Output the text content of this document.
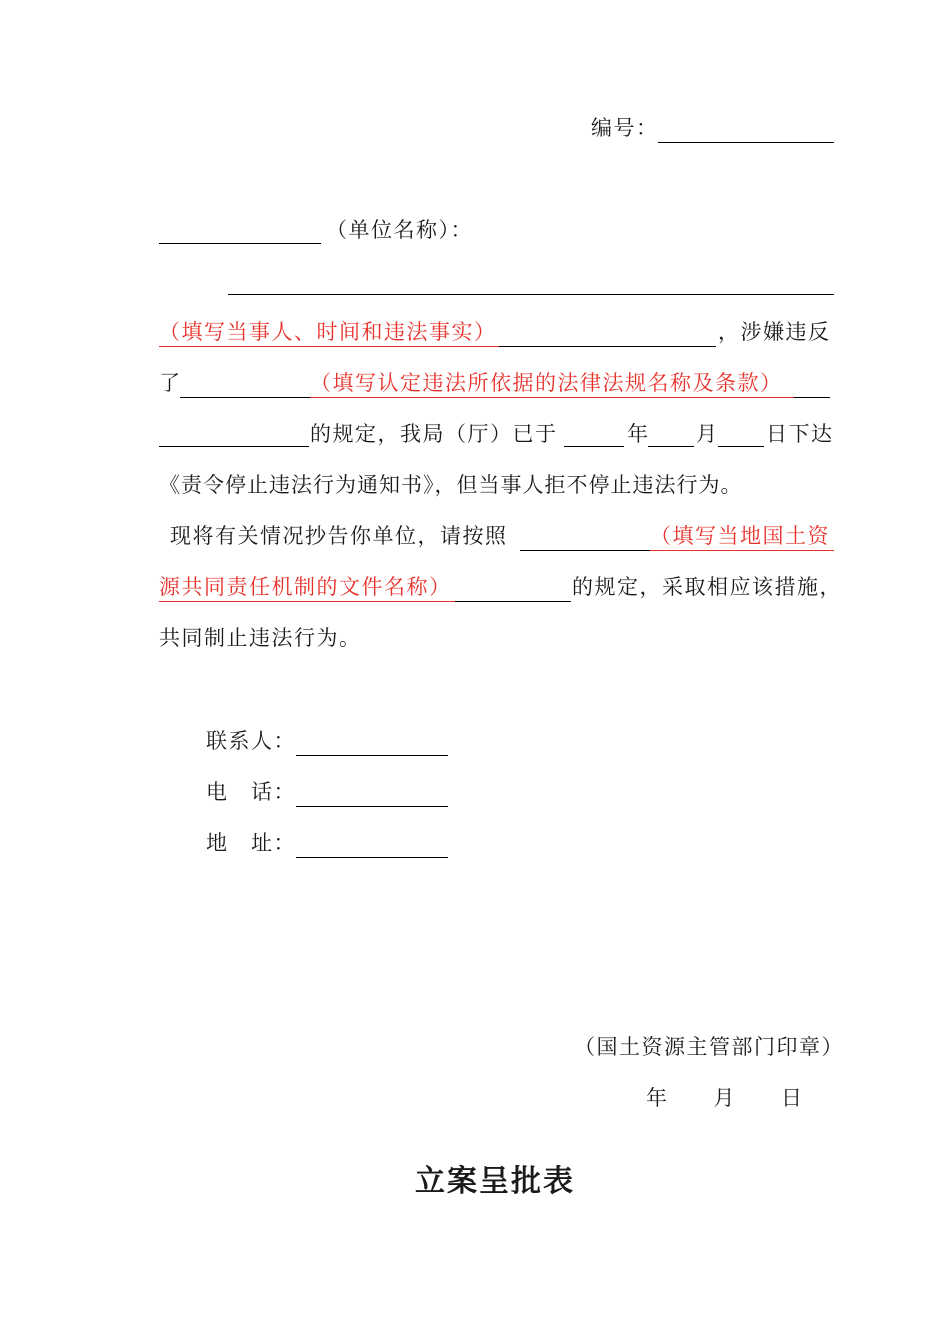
编号：
（单位名称）：
（填写当事人、时间和违法事实）	，涉嫌违反
了	（填写认定违法所依据的法律法规名称及条款）
的规定，我局（厅）已于	年 月 日下达
《责令停止违法行为通知书》，但当事人拒不停止违法行为。
现将有关情况抄告你单位，请按照	（填写当地国土资
源共同责任机制的文件名称）	的规定，采取相应该措施，
共同制止违法行为。
联系人：
电　话：
地　址：
（国土资源主管部门印章）
年　　月　　日
立案呈批表
